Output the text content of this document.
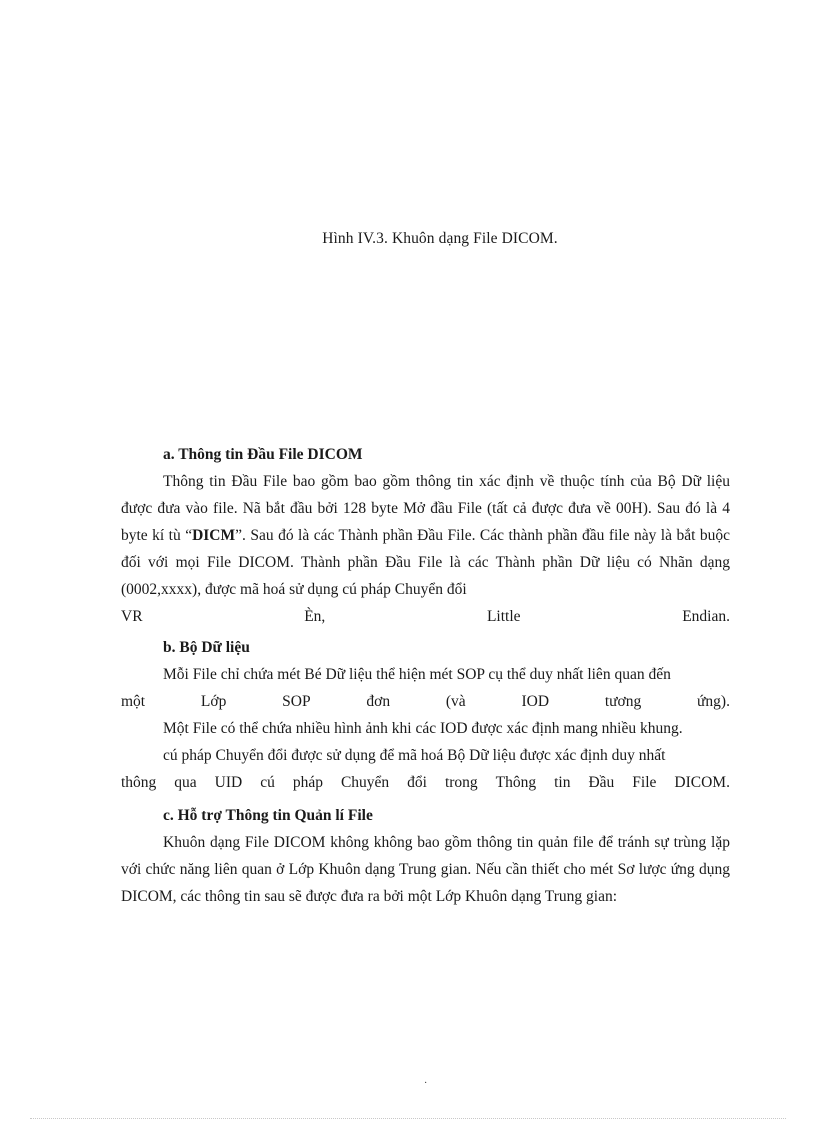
Hình IV.3. Khuôn dạng File DICOM.
a. Thông tin Đầu File DICOM

Thông tin Đầu File bao gồm bao gồm thông tin xác định về thuộc tính của Bộ Dữ liệu được đưa vào file. Nã bắt đầu bởi 128 byte Mở đầu File (tất cả được đưa về 00H). Sau đó là 4 byte kí tù “DICM”. Sau đó là các Thành phần Đầu File. Các thành phần đầu file này là bắt buộc đối với mọi File DICOM. Thành phần Đầu File là các Thành phần Dữ liệu có Nhãn dạng (0002,xxxx), được mã hoá sử dụng cú pháp Chuyển đổi

VR	Èn,	Little	Endian.
b. Bộ Dữ liệu

Mỗi File chỉ chứa mét Bé Dữ liệu thể hiện mét SOP cụ thể duy nhất liên quan đến

một	Lớp	SOP	đơn	(và	IOD	tương	ứng).

Một File có thể chứa nhiều hình ảnh khi các IOD được xác định mang nhiều khung.

cú pháp Chuyển đổi được sử dụng để mã hoá Bộ Dữ liệu được xác định duy nhất

thông qua UID cú pháp Chuyển đổi trong Thông tin Đầu File DICOM.
c. Hỗ trợ Thông tin Quản lí File

Khuôn dạng File DICOM không không bao gồm thông tin quản file để tránh sự trùng lặp với chức năng liên quan ở Lớp Khuôn dạng Trung gian. Nếu cần thiết cho mét Sơ lược ứng dụng DICOM, các thông tin sau sẽ được đưa ra bởi một Lớp Khuôn dạng Trung gian:

·
